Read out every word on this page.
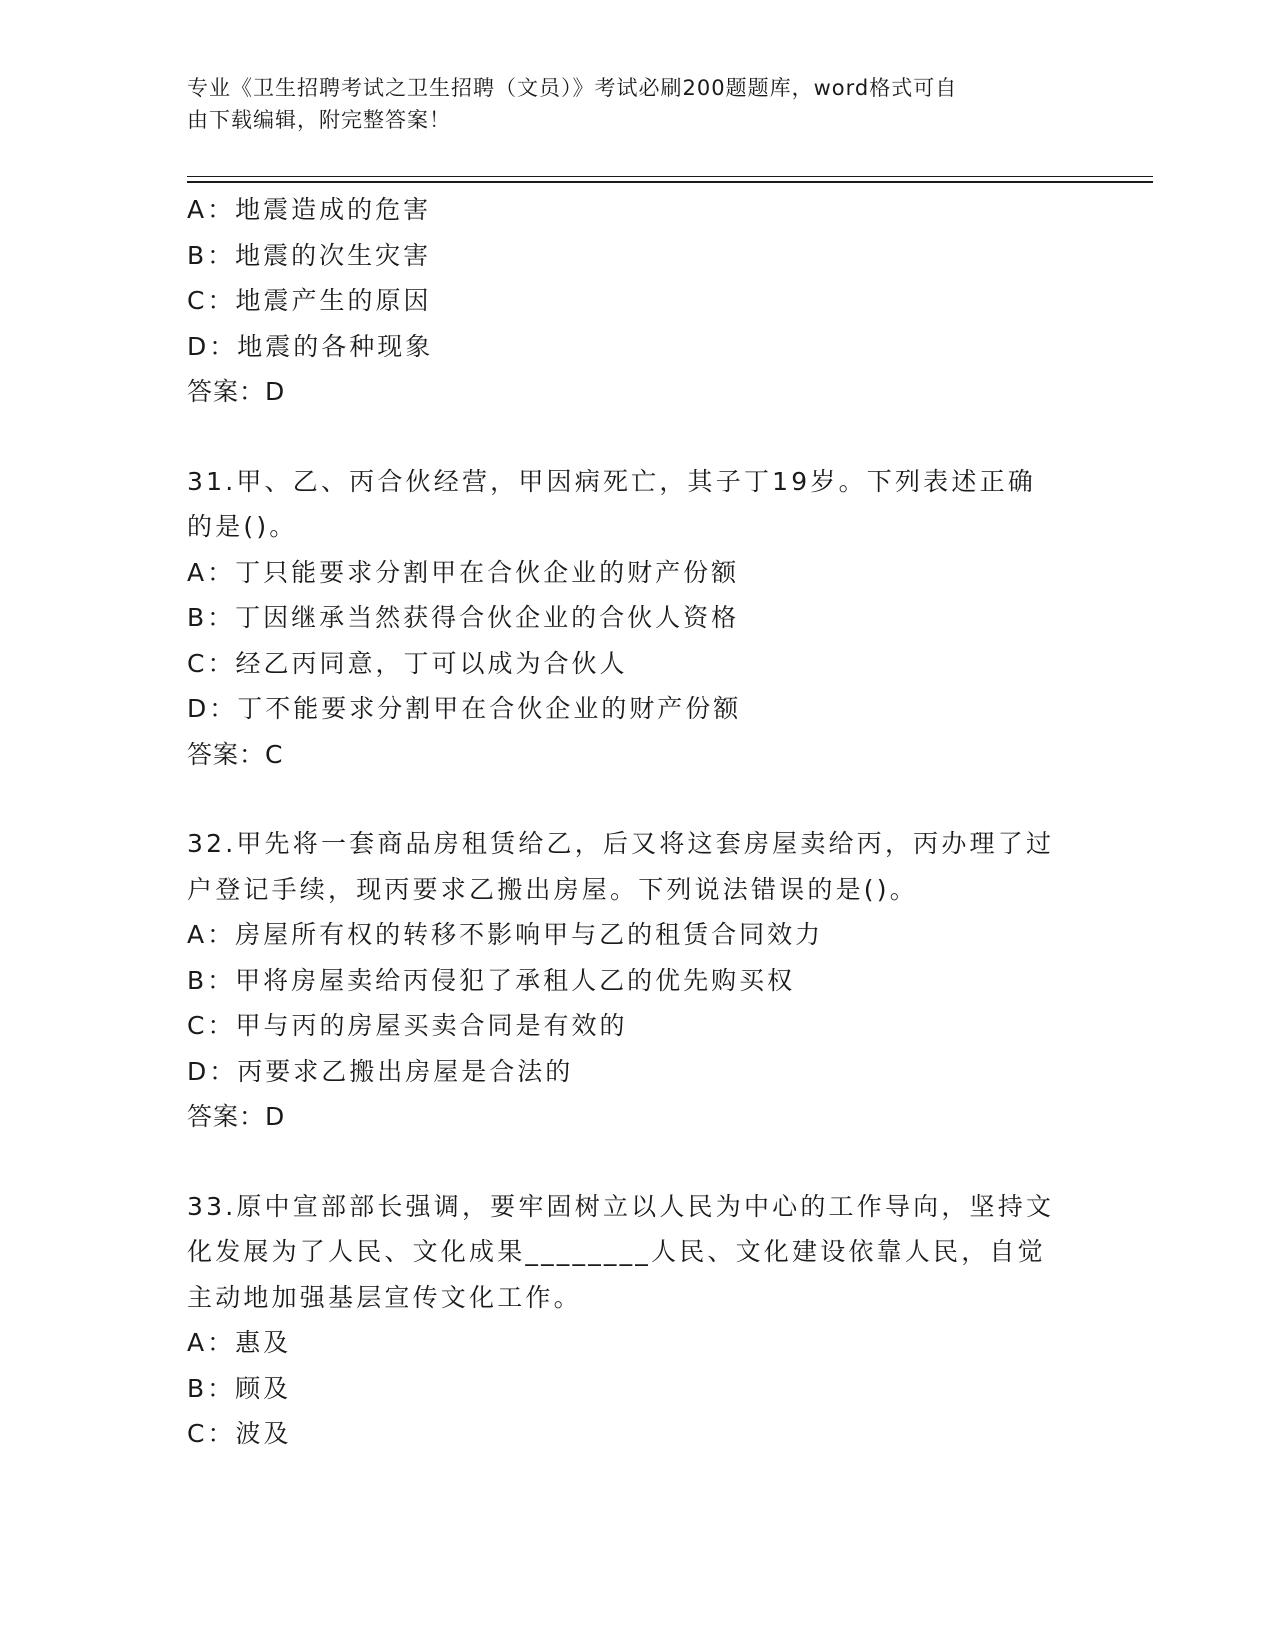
专业《卫生招聘考试之卫生招聘（文员）》考试必刷200题题库，word格式可自
由下载编辑，附完整答案！
A：地震造成的危害
B：地震的次生灾害
C：地震产生的原因
D：地震的各种现象
答案：D
31.甲、乙、丙合伙经营，甲因病死亡，其子丁19岁。下列表述正确
的是()。
A：丁只能要求分割甲在合伙企业的财产份额
B：丁因继承当然获得合伙企业的合伙人资格
C：经乙丙同意，丁可以成为合伙人
D：丁不能要求分割甲在合伙企业的财产份额
答案：C
32.甲先将一套商品房租赁给乙，后又将这套房屋卖给丙，丙办理了过
户登记手续，现丙要求乙搬出房屋。下列说法错误的是()。
A：房屋所有权的转移不影响甲与乙的租赁合同效力
B：甲将房屋卖给丙侵犯了承租人乙的优先购买权
C：甲与丙的房屋买卖合同是有效的
D：丙要求乙搬出房屋是合法的
答案：D
33.原中宣部部长强调，要牢固树立以人民为中心的工作导向，坚持文
化发展为了人民、文化成果________人民、文化建设依靠人民，自觉
主动地加强基层宣传文化工作。
A：惠及
B：顾及
C：波及
